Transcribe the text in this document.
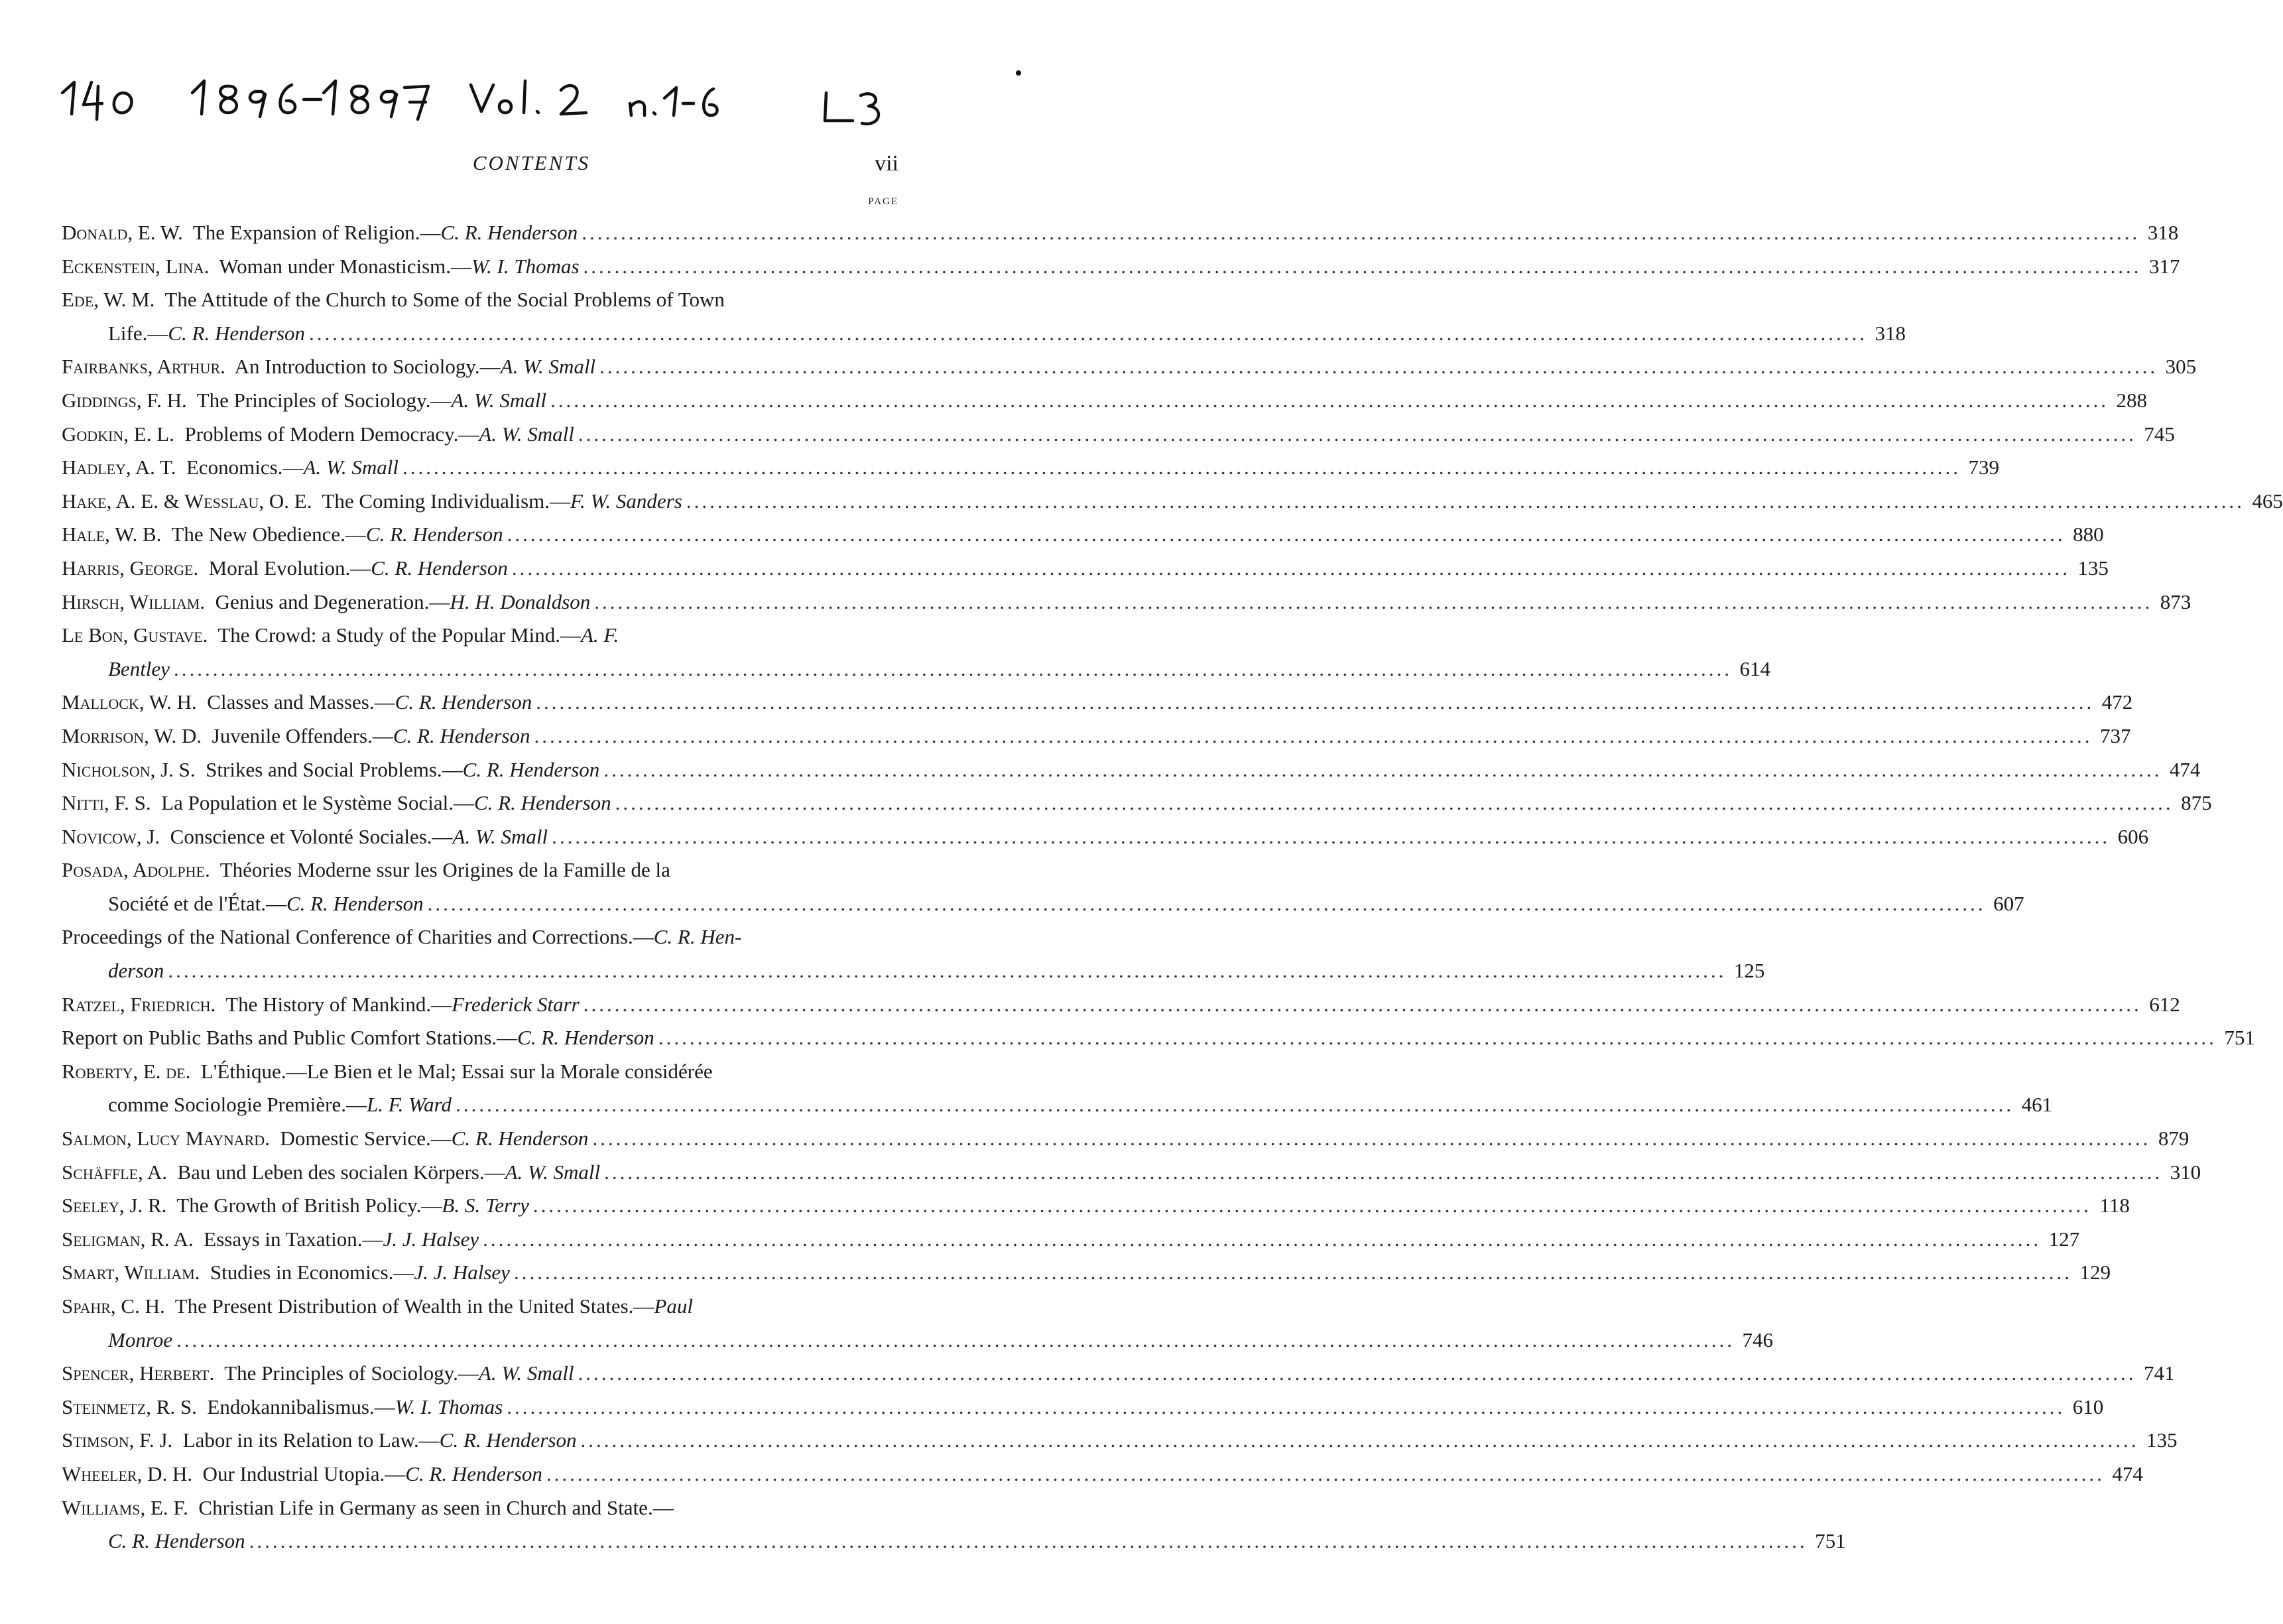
CONTENTS	vii
PAGE
Donald, E. W. The Expansion of Religion.—C. R. Henderson ........................................................................................................................................................................................................ 318
Eckenstein, Lina. Woman under Monasticism.—W. I. Thomas ........................................................................................................................................................................................................ 317
Ede, W. M. The Attitude of the Church to Some of the Social Problems of Town
Life.— C. R. Henderson ........................................................................................................................................................................................................ 318
Fairbanks, Arthur. An Introduction to Sociology.—A. W. Small ........................................................................................................................................................................................................ 305
Giddings, F. H. The Principles of Sociology.—A. W. Small ........................................................................................................................................................................................................ 288
Godkin, E. L. Problems of Modern Democracy.—A. W. Small ........................................................................................................................................................................................................ 745
Hadley, A. T. Economics.—A. W. Small ........................................................................................................................................................................................................ 739
Hake, A. E. & Wesslau, O. E. The Coming Individualism.—F. W. Sanders ........................................................................................................................................................................................................ 465
Hale, W. B. The New Obedience.—C. R. Henderson ........................................................................................................................................................................................................ 880
Harris, George. Moral Evolution.—C. R. Henderson ........................................................................................................................................................................................................ 135
Hirsch, William. Genius and Degeneration.—H. H. Donaldson ........................................................................................................................................................................................................ 873
Le Bon, Gustave. The Crowd: a Study of the Popular Mind.—A. F.
Bentley ........................................................................................................................................................................................................ 614
Mallock, W. H. Classes and Masses.—C. R. Henderson ........................................................................................................................................................................................................ 472
Morrison, W. D. Juvenile Offenders.—C. R. Henderson ........................................................................................................................................................................................................ 737
Nicholson, J. S. Strikes and Social Problems.—C. R. Henderson ........................................................................................................................................................................................................ 474
Nitti, F. S. La Population et le Système Social.—C. R. Henderson ........................................................................................................................................................................................................ 875
Novicow, J. Conscience et Volonté Sociales.—A. W. Small ........................................................................................................................................................................................................ 606
Posada, Adolphe. Théories Moderne ssur les Origines de la Famille de la
Société et de l'État.— C. R. Henderson ........................................................................................................................................................................................................ 607
Proceedings of the National Conference of Charities and Corrections.—C. R. Hen-
derson ........................................................................................................................................................................................................ 125
Ratzel, Friedrich. The History of Mankind.—Frederick Starr ........................................................................................................................................................................................................ 612
Report on Public Baths and Public Comfort Stations.—C. R. Henderson ........................................................................................................................................................................................................ 751
Roberty, E. de. L'Éthique.—Le Bien et le Mal; Essai sur la Morale considérée
comme Sociologie Première.— L. F. Ward ........................................................................................................................................................................................................ 461
Salmon, Lucy Maynard. Domestic Service.—C. R. Henderson ........................................................................................................................................................................................................ 879
Schäffle, A. Bau und Leben des socialen Körpers.—A. W. Small ........................................................................................................................................................................................................ 310
Seeley, J. R. The Growth of British Policy.—B. S. Terry ........................................................................................................................................................................................................ 118
Seligman, R. A. Essays in Taxation.—J. J. Halsey ........................................................................................................................................................................................................ 127
Smart, William. Studies in Economics.—J. J. Halsey ........................................................................................................................................................................................................ 129
Spahr, C. H. The Present Distribution of Wealth in the United States.—Paul
Monroe ........................................................................................................................................................................................................ 746
Spencer, Herbert. The Principles of Sociology.—A. W. Small ........................................................................................................................................................................................................ 741
Steinmetz, R. S. Endokannibalismus.—W. I. Thomas ........................................................................................................................................................................................................ 610
Stimson, F. J. Labor in its Relation to Law.—C. R. Henderson ........................................................................................................................................................................................................ 135
Wheeler, D. H. Our Industrial Utopia.—C. R. Henderson ........................................................................................................................................................................................................ 474
Williams, E. F. Christian Life in Germany as seen in Church and State.—
C. R. Henderson ........................................................................................................................................................................................................ 751
